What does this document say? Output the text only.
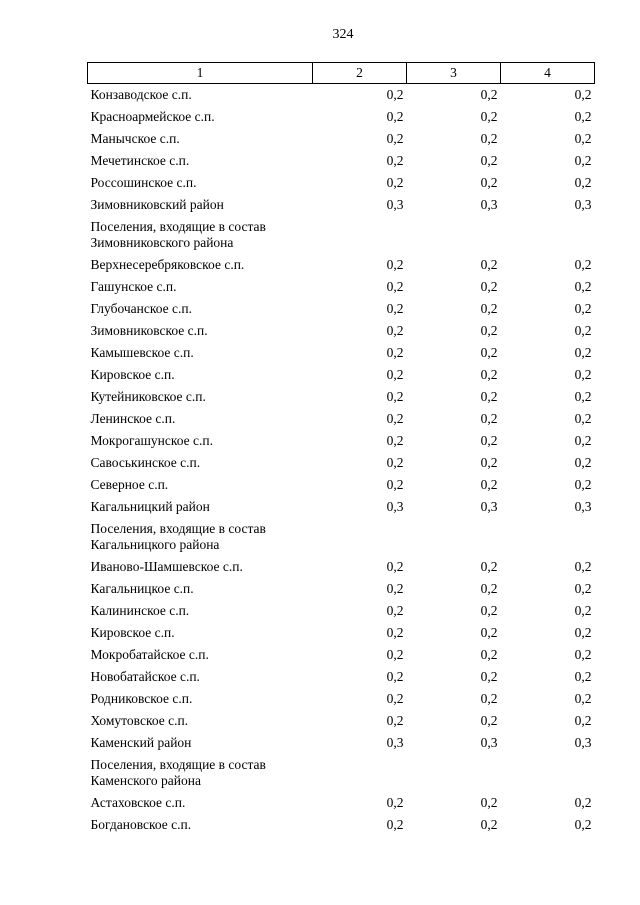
324
1	2	3	4
Конзаводское с.п.	0,2	0,2	0,2
Красноармейское с.п.	0,2	0,2	0,2
Манычское с.п.	0,2	0,2	0,2
Мечетинское с.п.	0,2	0,2	0,2
Россошинское с.п.	0,2	0,2	0,2
Зимовниковский район	0,3	0,3	0,3
Поселения, входящие в состав Зимовниковского района			
Верхнесеребряковское с.п.	0,2	0,2	0,2
Гашунское с.п.	0,2	0,2	0,2
Глубочанское с.п.	0,2	0,2	0,2
Зимовниковское с.п.	0,2	0,2	0,2
Камышевское с.п.	0,2	0,2	0,2
Кировское с.п.	0,2	0,2	0,2
Кутейниковское с.п.	0,2	0,2	0,2
Ленинское с.п.	0,2	0,2	0,2
Мокрогашунское с.п.	0,2	0,2	0,2
Савоськинское с.п.	0,2	0,2	0,2
Северное с.п.	0,2	0,2	0,2
Кагальницкий район	0,3	0,3	0,3
Поселения, входящие в состав Кагальницкого района			
Иваново-Шамшевское с.п.	0,2	0,2	0,2
Кагальницкое с.п.	0,2	0,2	0,2
Калининское с.п.	0,2	0,2	0,2
Кировское с.п.	0,2	0,2	0,2
Мокробатайское с.п.	0,2	0,2	0,2
Новобатайское с.п.	0,2	0,2	0,2
Родниковское с.п.	0,2	0,2	0,2
Хомутовское с.п.	0,2	0,2	0,2
Каменский район	0,3	0,3	0,3
Поселения, входящие в состав Каменского района			
Астаховское с.п.	0,2	0,2	0,2
Богдановское с.п.	0,2	0,2	0,2
